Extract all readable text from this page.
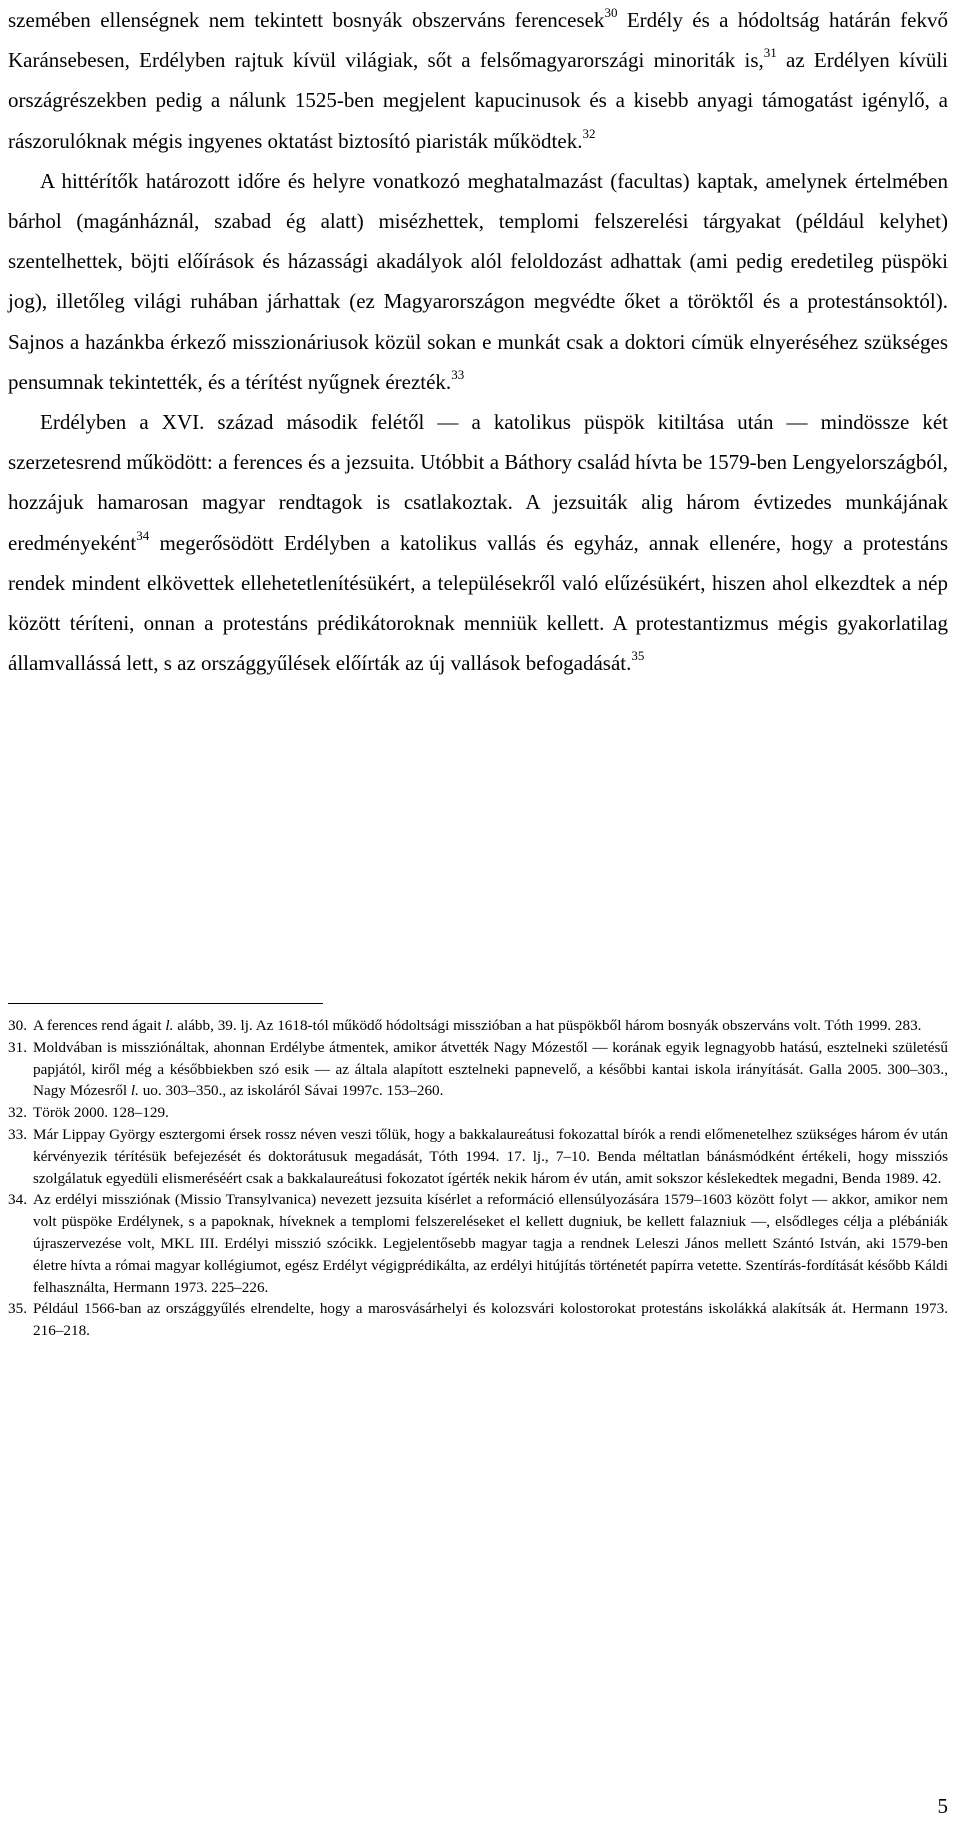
szemében ellenségnek nem tekintett bosnyák obszerváns ferencesek$^{30}$ Erdély és a hódoltság határán fekvő Karánsebesen, Erdélyben rajtuk kívül világiak, sőt a felsőmagyarországi minoriták is,$^{31}$ az Erdélyen kívüli országrészekben pedig a nálunk 1525-ben megjelent kapucinusok és a kisebb anyagi támogatást igénylő, a rászorulóknak mégis ingyenes oktatást biztosító piaristák működtek.$^{32}$

A hittérítők határozott időre és helyre vonatkozó meghatalmazást (facultas) kaptak, amelynek értelmében bárhol (magánháznál, szabad ég alatt) misézhettek, templomi felszerelési tárgyakat (például kelyhet) szentelhettek, böjti előírások és házassági akadályok alól feloldozást adhattak (ami pedig eredetileg püspöki jog), illetőleg világi ruhában járhattak (ez Magyarországon megvédte őket a töröktől és a protestánsoktól). Sajnos a hazánkba érkező misszionáriusok közül sokan e munkát csak a doktori címük elnyeréséhez szükséges pensumnak tekintették, és a térítést nyűgnek érezték.$^{33}$

Erdélyben a XVI. század második felétől — a katolikus püspök kitiltása után — mindössze két szerzetesrend működött: a ferences és a jezsuita. Utóbbit a Báthory család hívta be 1579-ben Lengyelországból, hozzájuk hamarosan magyar rendtagok is csatlakoztak. A jezsuiták alig három évtizedes munkájának eredményeként$^{34}$ megerősödött Erdélyben a katolikus vallás és egyház, annak ellenére, hogy a protestáns rendek mindent elkövettek ellehetetlenítésükért, a településekről való elűzésükért, hiszen ahol elkezdtek a nép között téríteni, onnan a protestáns prédikátoroknak menniük kellett. A protestantizmus mégis gyakorlatilag államvallássá lett, s az országgyűlések előírták az új vallások befogadását.$^{35}$

30. A ferences rend ágait l. alább, 39. lj. Az 1618-tól működő hódoltsági misszióban a hat püspökből három bosnyák obszerváns volt. Tóth 1999. 283.
31. Moldvában is missziónáltak, ahonnan Erdélybe átmentek, amikor átvették Nagy Mózestől — korának egyik legnagyobb hatású, esztelneki születésű papjától, kiről még a későbbiekben szó esik — az általa alapított esztelneki papnevelő, a későbbi kantai iskola irányítását. Galla 2005. 300–303., Nagy Mózesről l. uo. 303–350., az iskoláról Sávai 1997c. 153–260.
32. Török 2000. 128–129.
33. Már Lippay György esztergomi érsek rossz néven veszi tőlük, hogy a bakkalaureátusi fokozattal bírók a rendi előmenetelhez szükséges három év után kérvényezik térítésük befejezését és doktorátusuk megadását, Tóth 1994. 17. lj., 7–10. Benda méltatlan bánásmódként értékeli, hogy missziós szolgálatuk egyedüli elismeréséért csak a bakkalaureátusi fokozatot ígérték nekik három év után, amit sokszor késlekedtek megadni, Benda 1989. 42.
34. Az erdélyi missziónak (Missio Transylvanica) nevezett jezsuita kísérlet a reformáció ellensúlyozására 1579–1603 között folyt — akkor, amikor nem volt püspöke Erdélynek, s a papoknak, híveknek a templomi felszereléseket el kellett dugniuk, be kellett falazniuk —, elsődleges célja a plébániák újraszervezése volt, MKL III. Erdélyi misszió szócikk. Legjelentősebb magyar tagja a rendnek Leleszi János mellett Szántó István, aki 1579-ben életre hívta a római magyar kollégiumot, egész Erdélyt végigprédikálta, az erdélyi hitújítás történetét papírra vetette. Szentírás-fordítását később Káldi felhasználta, Hermann 1973. 225–226.
35. Például 1566-ban az országgyűlés elrendelte, hogy a marosvásárhelyi és kolozsvári kolostorokat protestáns iskolákká alakítsák át. Hermann 1973. 216–218.
5
